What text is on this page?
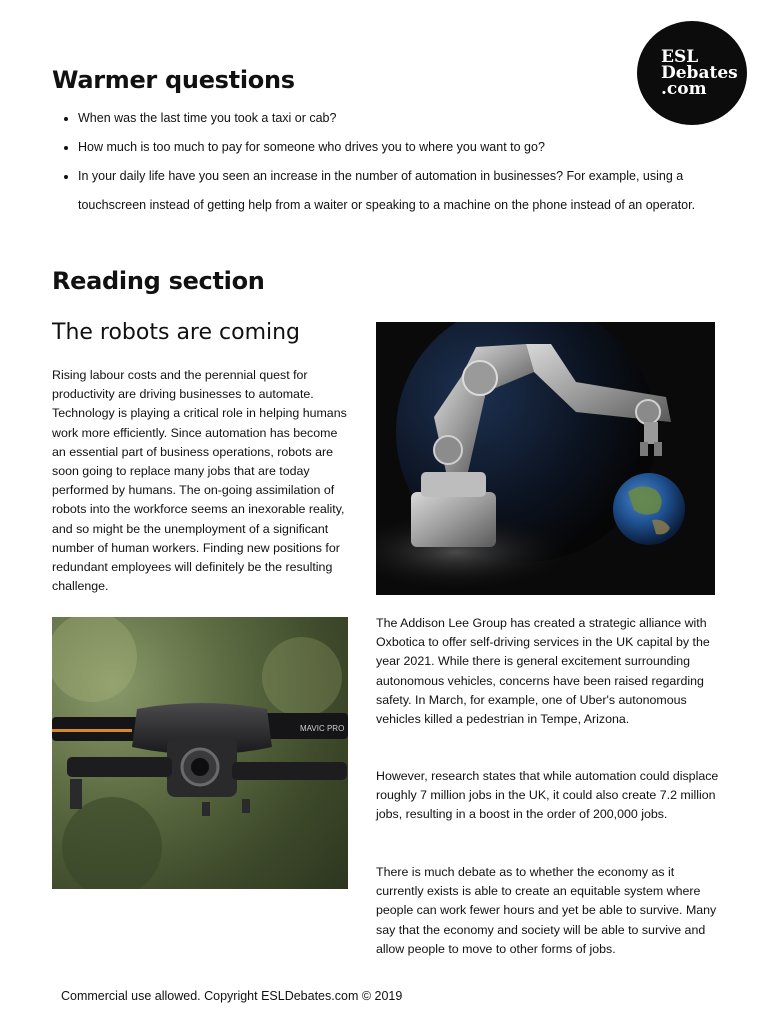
ESL
Debates
.com
Warmer questions
• When was the last time you took a taxi or cab?
• How much is too much to pay for someone who drives you to where you want to go?
• In your daily life have you seen an increase in the number of automation in businesses? For example, using a touchscreen instead of getting help from a waiter or speaking to a machine on the phone instead of an operator.
Reading section
The robots are coming

Rising labour costs and the perennial quest for productivity are driving businesses to automate. Technology is playing a critical role in helping humans work more efficiently. Since automation has become an essential part of business operations, robots are soon going to replace many jobs that are today performed by humans. The on-going assimilation of robots into the workforce seems an inexorable reality, and so might be the unemployment of a significant number of human workers. Finding new positions for redundant employees will definitely be the resulting challenge.

MAVIC PRO

The Addison Lee Group has created a strategic alliance with Oxbotica to offer self-driving services in the UK capital by the year 2021. While there is general excitement surrounding autonomous vehicles, concerns have been raised regarding safety. In March, for example, one of Uber's autonomous vehicles killed a pedestrian in Tempe, Arizona.

However, research states that while automation could displace roughly 7 million jobs in the UK, it could also create 7.2 million jobs, resulting in a boost in the order of 200,000 jobs.

There is much debate as to whether the economy as it currently exists is able to create an equitable system where people can work fewer hours and yet be able to survive. Many say that the economy and society will be able to survive and allow people to move to other forms of jobs.

Commercial use allowed. Copyright ESLDebates.com © 2019
